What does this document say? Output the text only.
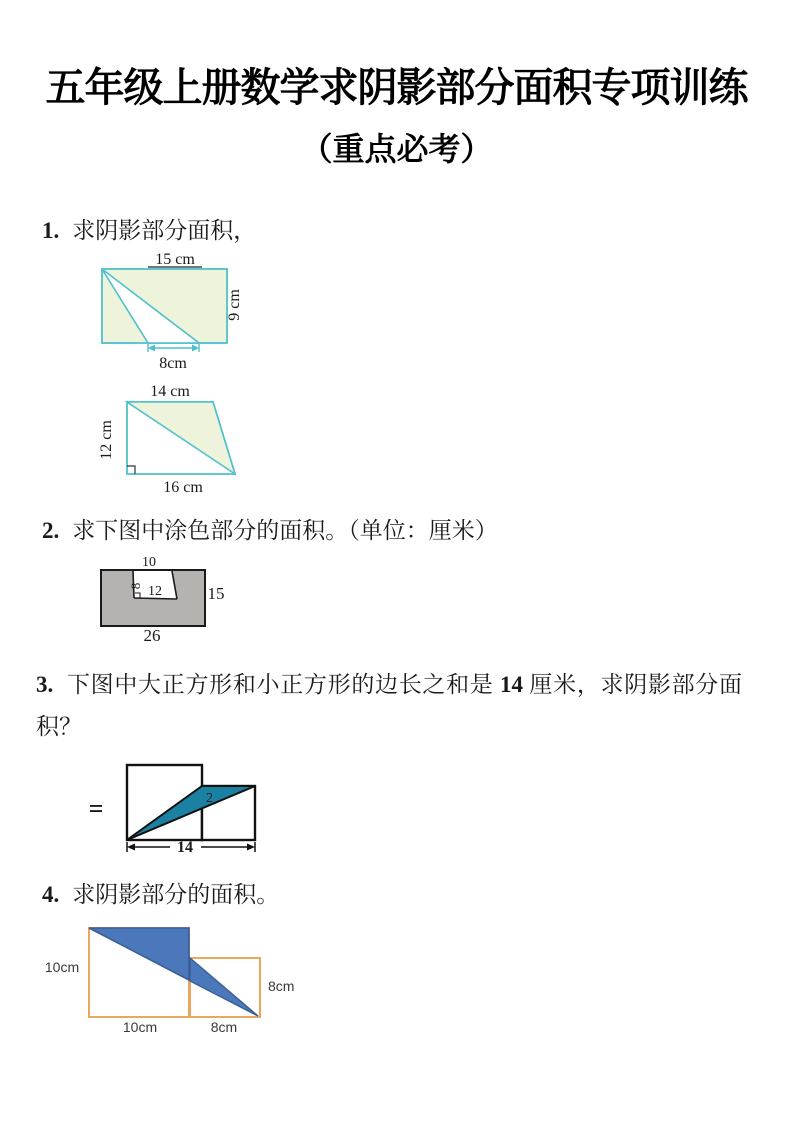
五年级上册数学求阴影部分面积专项训练
（重点必考）
1. 求阴影部分面积，
15 cm
9 cm
8cm
14 cm
12 cm
16 cm
2. 求下图中涂色部分的面积。（单位：厘米）
10
8 12	15
26
3. 下图中大正方形和小正方形的边长之和是 14 厘米，求阴影部分面积？
=	2
14
4. 求阴影部分的面积。
10cm
10cm
8cm
8cm
